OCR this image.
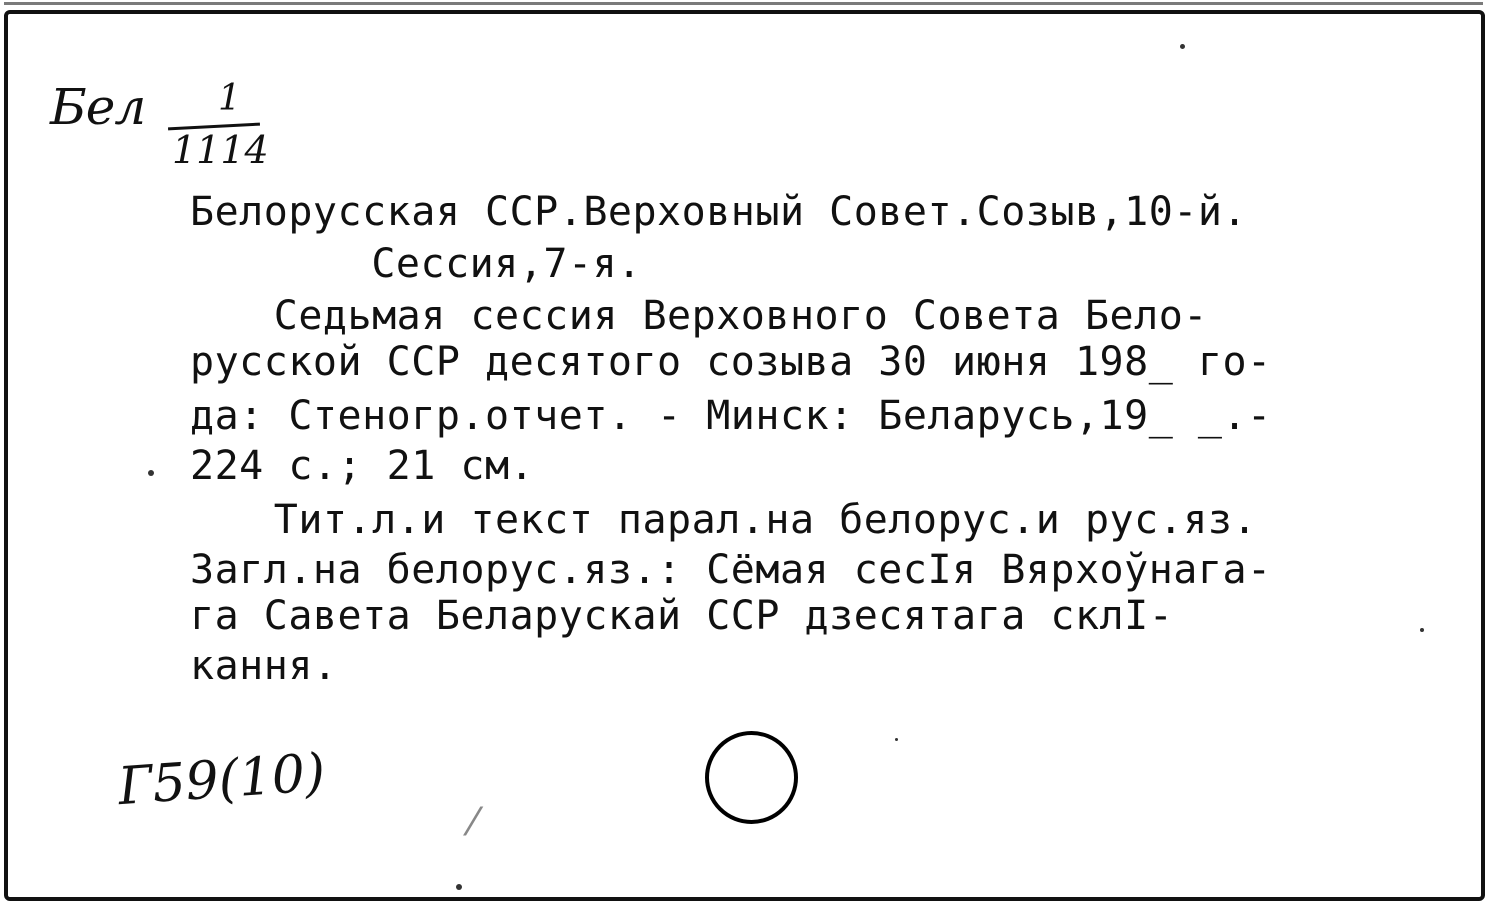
Бел 1
1114
Белорусская ССР.Верховный Совет.Созыв,10-й.
Сессия,7-я.
Седьмая сессия Верховного Совета Бело-
русской ССР десятого созыва 30 июня 198_ го-
да: Стеногр.отчет. - Минск: Беларусь,19_ _.-
224 с.; 21 см.
Тит.л.и текст парал.на белорус.и рус.яз.
Загл.на белорус.яз.: Сёмая сесIя Вярхоўнага-
га Савета Беларускай ССР дзесятага склI-
кання.
Г59(10)
⁄
